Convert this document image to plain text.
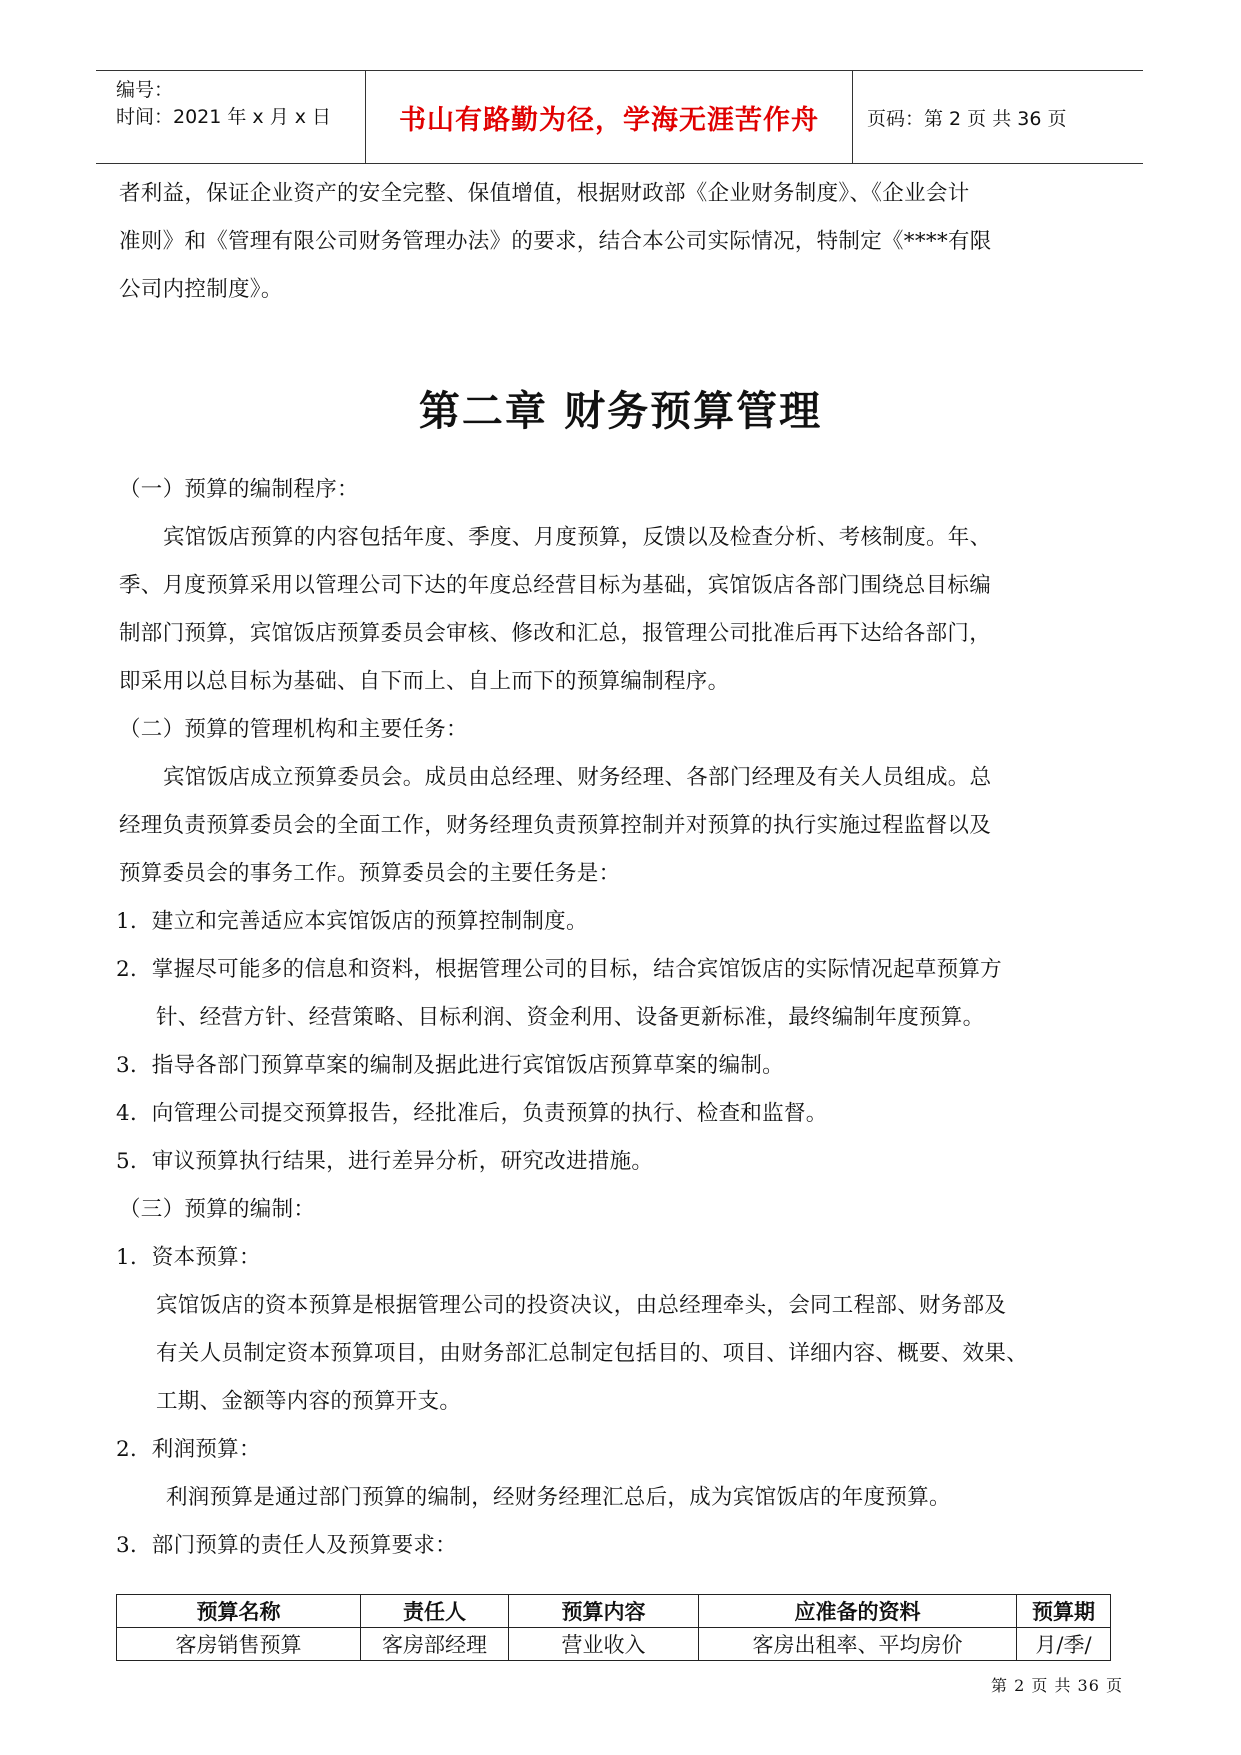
编号：
时间：2021 年 x 月 x 日	书山有路勤为径，学海无涯苦作舟	页码：第 2 页 共 36 页
者利益，保证企业资产的安全完整、保值增值，根据财政部《企业财务制度》、《企业会计
准则》和《管理有限公司财务管理办法》的要求，结合本公司实际情况，特制定《****有限
公司内控制度》。
第二章 财务预算管理
（一）预算的编制程序：
宾馆饭店预算的内容包括年度、季度、月度预算，反馈以及检查分析、考核制度。年、
季、月度预算采用以管理公司下达的年度总经营目标为基础，宾馆饭店各部门围绕总目标编
制部门预算，宾馆饭店预算委员会审核、修改和汇总，报管理公司批准后再下达给各部门，
即采用以总目标为基础、自下而上、自上而下的预算编制程序。
（二）预算的管理机构和主要任务：
宾馆饭店成立预算委员会。成员由总经理、财务经理、各部门经理及有关人员组成。总
经理负责预算委员会的全面工作，财务经理负责预算控制并对预算的执行实施过程监督以及
预算委员会的事务工作。预算委员会的主要任务是：
1．建立和完善适应本宾馆饭店的预算控制制度。
2．掌握尽可能多的信息和资料，根据管理公司的目标，结合宾馆饭店的实际情况起草预算方
针、经营方针、经营策略、目标利润、资金利用、设备更新标准，最终编制年度预算。
3．指导各部门预算草案的编制及据此进行宾馆饭店预算草案的编制。
4．向管理公司提交预算报告，经批准后，负责预算的执行、检查和监督。
5．审议预算执行结果，进行差异分析，研究改进措施。
（三）预算的编制：
1．资本预算：
宾馆饭店的资本预算是根据管理公司的投资决议，由总经理牵头，会同工程部、财务部及
有关人员制定资本预算项目，由财务部汇总制定包括目的、项目、详细内容、概要、效果、
工期、金额等内容的预算开支。
2．利润预算：
利润预算是通过部门预算的编制，经财务经理汇总后，成为宾馆饭店的年度预算。
3．部门预算的责任人及预算要求：
预算名称	责任人	预算内容	应准备的资料	预算期
客房销售预算	客房部经理	营业收入	客房出租率、平均房价	月/季/
第 2 页 共 36 页
